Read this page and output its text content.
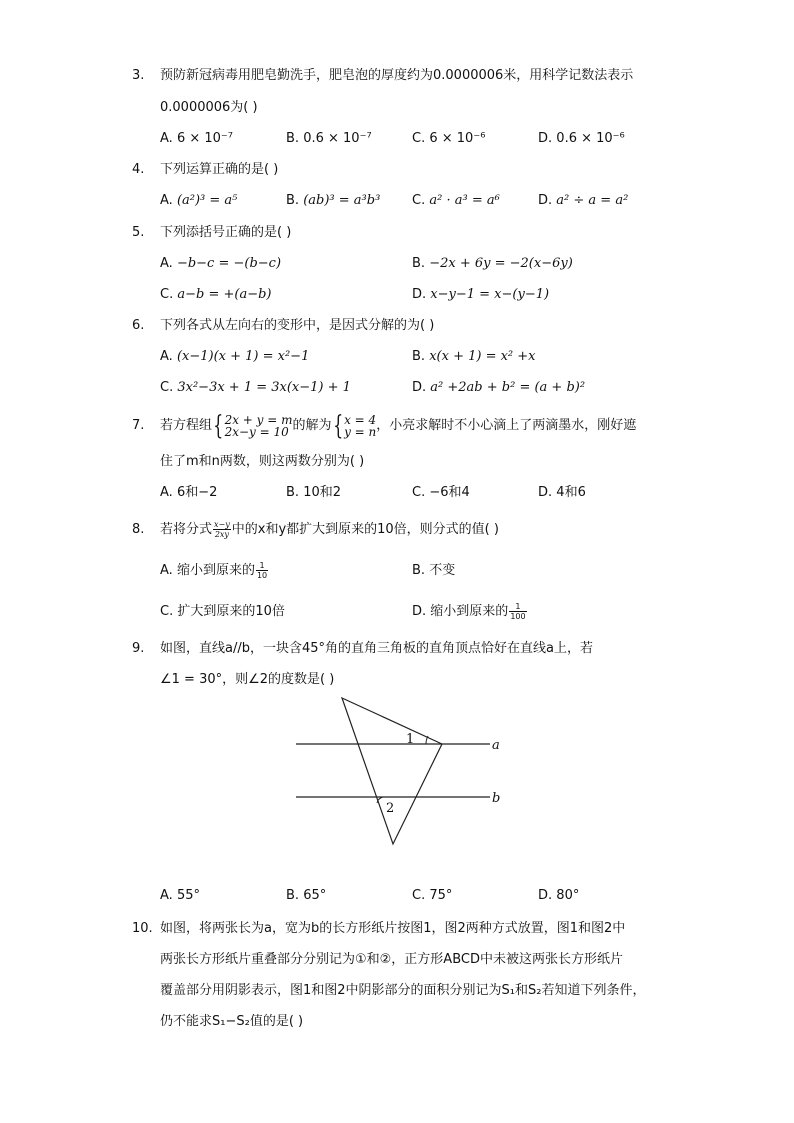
3. 预防新冠病毒用肥皂勤洗手，肥皂泡的厚度约为0.0000006米，用科学记数法表示
0.0000006为( )
A. 6 × 10⁻⁷	B. 0.6 × 10⁻⁷	C. 6 × 10⁻⁶	D. 0.6 × 10⁻⁶
4. 下列运算正确的是( )
A. (a²)³ = a⁵	B. (ab)³ = a³b³ C. a² · a³ = a⁶	D. a² ÷ a = a²
5. 下列添括号正确的是( )
A. −b−c = −(b−c)	B. −2x + 6y = −2(x−6y)
C. a−b = +(a−b)	D. x−y−1 = x−(y−1)
6. 下列各式从左向右的变形中，是因式分解的为( )
A. (x−1)(x + 1) = x²−1	B. x(x + 1) = x² +x
C. 3x²−3x + 1 = 3x(x−1) + 1	D. a² +2ab + b² = (a + b)²
7. 若方程组{ 2x + y = m
2x−y = 10 的解为{ x = 4
y = n ，小亮求解时不小心滴上了两滴墨水，刚好遮
住了m和n两数，则这两数分别为( )
A. 6和−2	B. 10和2	C. −6和4	D. 4和6
8. 若将分式 $\frac{x-y}{2xy}$ 中的x和y都扩大到原来的10倍，则分式的值( )
A. 缩小到原来的 $\frac{1}{10}$	B. 不变
C. 扩大到原来的10倍	D. 缩小到原来的 $\frac{1}{100}$
9. 如图，直线a//b，一块含45°角的直角三角板的直角顶点恰好在直线a上，若
∠1 = 30°，则∠2的度数是( )
1
2
a
b
A. 55°	B. 65°	C. 75°	D. 80°
10. 如图，将两张长为a，宽为b的长方形纸片按图1，图2两种方式放置，图1和图2中
两张长方形纸片重叠部分分别记为①和②，正方形ABCD中未被这两张长方形纸片
覆盖部分用阴影表示，图1和图2中阴影部分的面积分别记为S₁和S₂若知道下列条件，
仍不能求S₁−S₂值的是( )
